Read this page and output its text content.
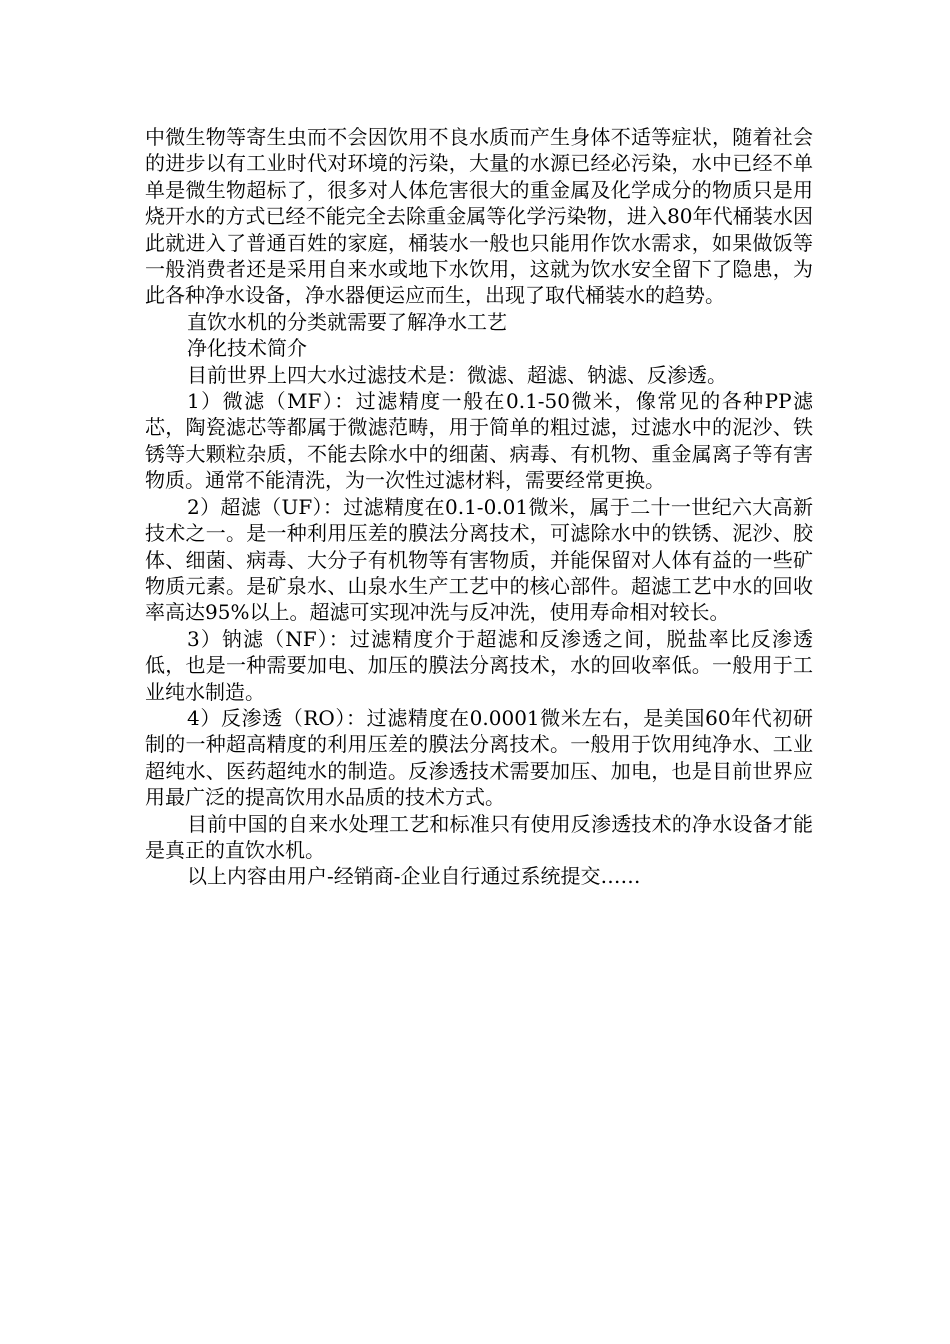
中微生物等寄生虫而不会因饮用不良水质而产生身体不适等症状，随着社会的进步以有工业时代对环境的污染，大量的水源已经必污染，水中已经不单单是微生物超标了，很多对人体危害很大的重金属及化学成分的物质只是用烧开水的方式已经不能完全去除重金属等化学污染物，进入80年代桶装水因此就进入了普通百姓的家庭，桶装水一般也只能用作饮水需求，如果做饭等一般消费者还是采用自来水或地下水饮用，这就为饮水安全留下了隐患，为此各种净水设备，净水器便运应而生，出现了取代桶装水的趋势。

直饮水机的分类就需要了解净水工艺

净化技术简介

目前世界上四大水过滤技术是：微滤、超滤、钠滤、反渗透。

1）微滤（MF）：过滤精度一般在0.1-50微米，像常见的各种PP滤芯，陶瓷滤芯等都属于微滤范畴，用于简单的粗过滤，过滤水中的泥沙、铁锈等大颗粒杂质，不能去除水中的细菌、病毒、有机物、重金属离子等有害物质。通常不能清洗，为一次性过滤材料，需要经常更换。

2）超滤（UF）：过滤精度在0.1-0.01微米，属于二十一世纪六大高新技术之一。是一种利用压差的膜法分离技术，可滤除水中的铁锈、泥沙、胶体、细菌、病毒、大分子有机物等有害物质，并能保留对人体有益的一些矿物质元素。是矿泉水、山泉水生产工艺中的核心部件。超滤工艺中水的回收率高达95%以上。超滤可实现冲洗与反冲洗，使用寿命相对较长。

3）钠滤（NF）：过滤精度介于超滤和反渗透之间，脱盐率比反渗透低，也是一种需要加电、加压的膜法分离技术，水的回收率低。一般用于工业纯水制造。

4）反渗透（RO）：过滤精度在0.0001微米左右，是美国60年代初研制的一种超高精度的利用压差的膜法分离技术。一般用于饮用纯净水、工业超纯水、医药超纯水的制造。反渗透技术需要加压、加电，也是目前世界应用最广泛的提高饮用水品质的技术方式。

目前中国的自来水处理工艺和标准只有使用反渗透技术的净水设备才能是真正的直饮水机。

以上内容由用户-经销商-企业自行通过系统提交……
